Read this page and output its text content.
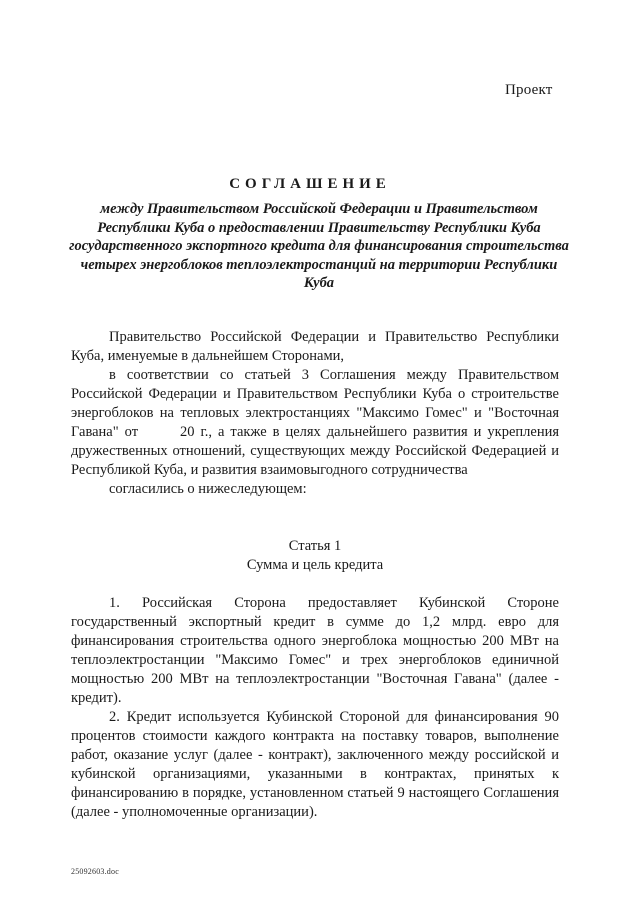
Проект
СОГЛАШЕНИЕ
между Правительством Российской Федерации и Правительством Республики Куба о предоставлении Правительству Республики Куба государственного экспортного кредита для финансирования строительства четырех энергоблоков теплоэлектростанций на территории Республики Куба

Правительство Российской Федерации и Правительство Республики Куба, именуемые в дальнейшем Сторонами,

в соответствии со статьей 3 Соглашения между Правительством Российской Федерации и Правительством Республики Куба о строительстве энергоблоков на тепловых электростанциях "Максимо Гомес" и "Восточная Гавана" от	20 г., а также в целях дальнейшего развития и укрепления дружественных отношений, существующих между Российской Федерацией и Республикой Куба, и развития взаимовыгодного сотрудничества

согласились о нижеследующем:

Статья 1
Сумма и цель кредита

1. Российская Сторона предоставляет Кубинской Стороне государственный экспортный кредит в сумме до 1,2 млрд. евро для финансирования строительства одного энергоблока мощностью 200 МВт на теплоэлектростанции "Максимо Гомес" и трех энергоблоков единичной мощностью 200 МВт на теплоэлектростанции "Восточная Гавана" (далее - кредит).

2. Кредит используется Кубинской Стороной для финансирования 90 процентов стоимости каждого контракта на поставку товаров, выполнение работ, оказание услуг (далее - контракт), заключенного между российской и кубинской организациями, указанными в контрактах, принятых к финансированию в порядке, установленном статьей 9 настоящего Соглашения (далее - уполномоченные организации).

25092603.doc
